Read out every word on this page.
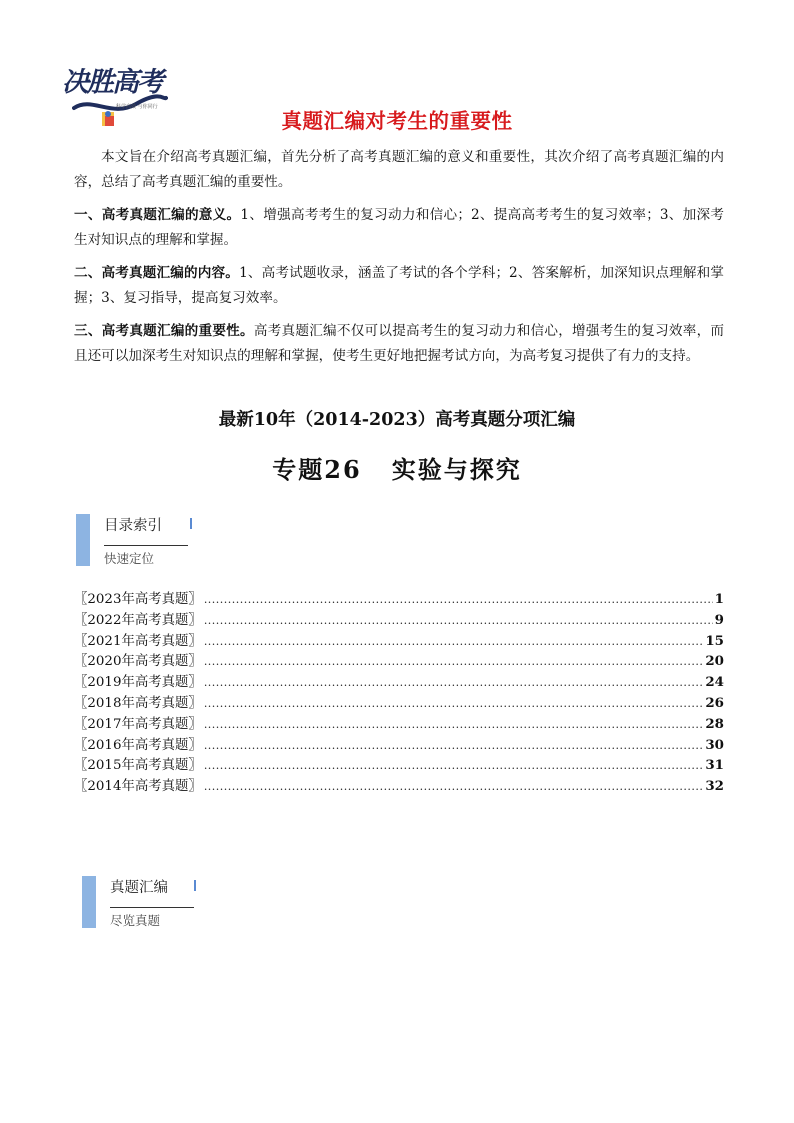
决胜高考
科学高效 与你同行
真题汇编对考生的重要性
本文旨在介绍高考真题汇编，首先分析了高考真题汇编的意义和重要性，其次介绍了高考真题汇编的内容，总结了高考真题汇编的重要性。
一、高考真题汇编的意义。1、增强高考考生的复习动力和信心；2、提高高考考生的复习效率；3、加深考生对知识点的理解和掌握。
二、高考真题汇编的内容。1、高考试题收录，涵盖了考试的各个学科；2、答案解析，加深知识点理解和掌握；3、复习指导，提高复习效率。
三、高考真题汇编的重要性。高考真题汇编不仅可以提高考生的复习动力和信心，增强考生的复习效率，而且还可以加深考生对知识点的理解和掌握，使考生更好地把握考试方向，为高考复习提供了有力的支持。
最新10年（2014-2023）高考真题分项汇编
专题26 实验与探究
目录索引
快速定位
〖2023年高考真题〗 .....	1
〖2022年高考真题〗 .....	9
〖2021年高考真题〗 .....	15
〖2020年高考真题〗 .....	20
〖2019年高考真题〗 .....	24
〖2018年高考真题〗 .....	26
〖2017年高考真题〗 .....	28
〖2016年高考真题〗 .....	30
〖2015年高考真题〗 .....	31
〖2014年高考真题〗 .....	32
真题汇编
尽览真题
